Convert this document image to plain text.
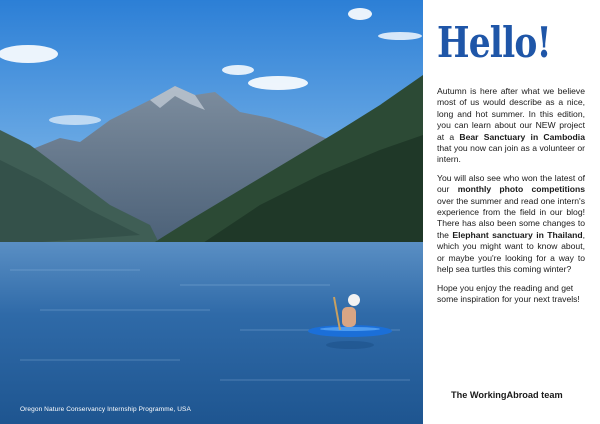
Oregon Nature Conservancy Internship Programme, USA
Hello!

Autumn is here after what we believe most of us would describe as a nice, long and hot summer. In this edition, you can learn about our NEW project at a Bear Sanctuary in Cambodia that you now can join as a volunteer or intern.

You will also see who won the latest of our monthly photo competitions over the summer and read one intern's experience from the field in our blog! There has also been some changes to the Elephant sanctuary in Thailand, which you might want to know about, or maybe you're looking for a way to help sea turtles this coming winter?

Hope you enjoy the reading and get some inspiration for your next travels!

The WorkingAbroad team
